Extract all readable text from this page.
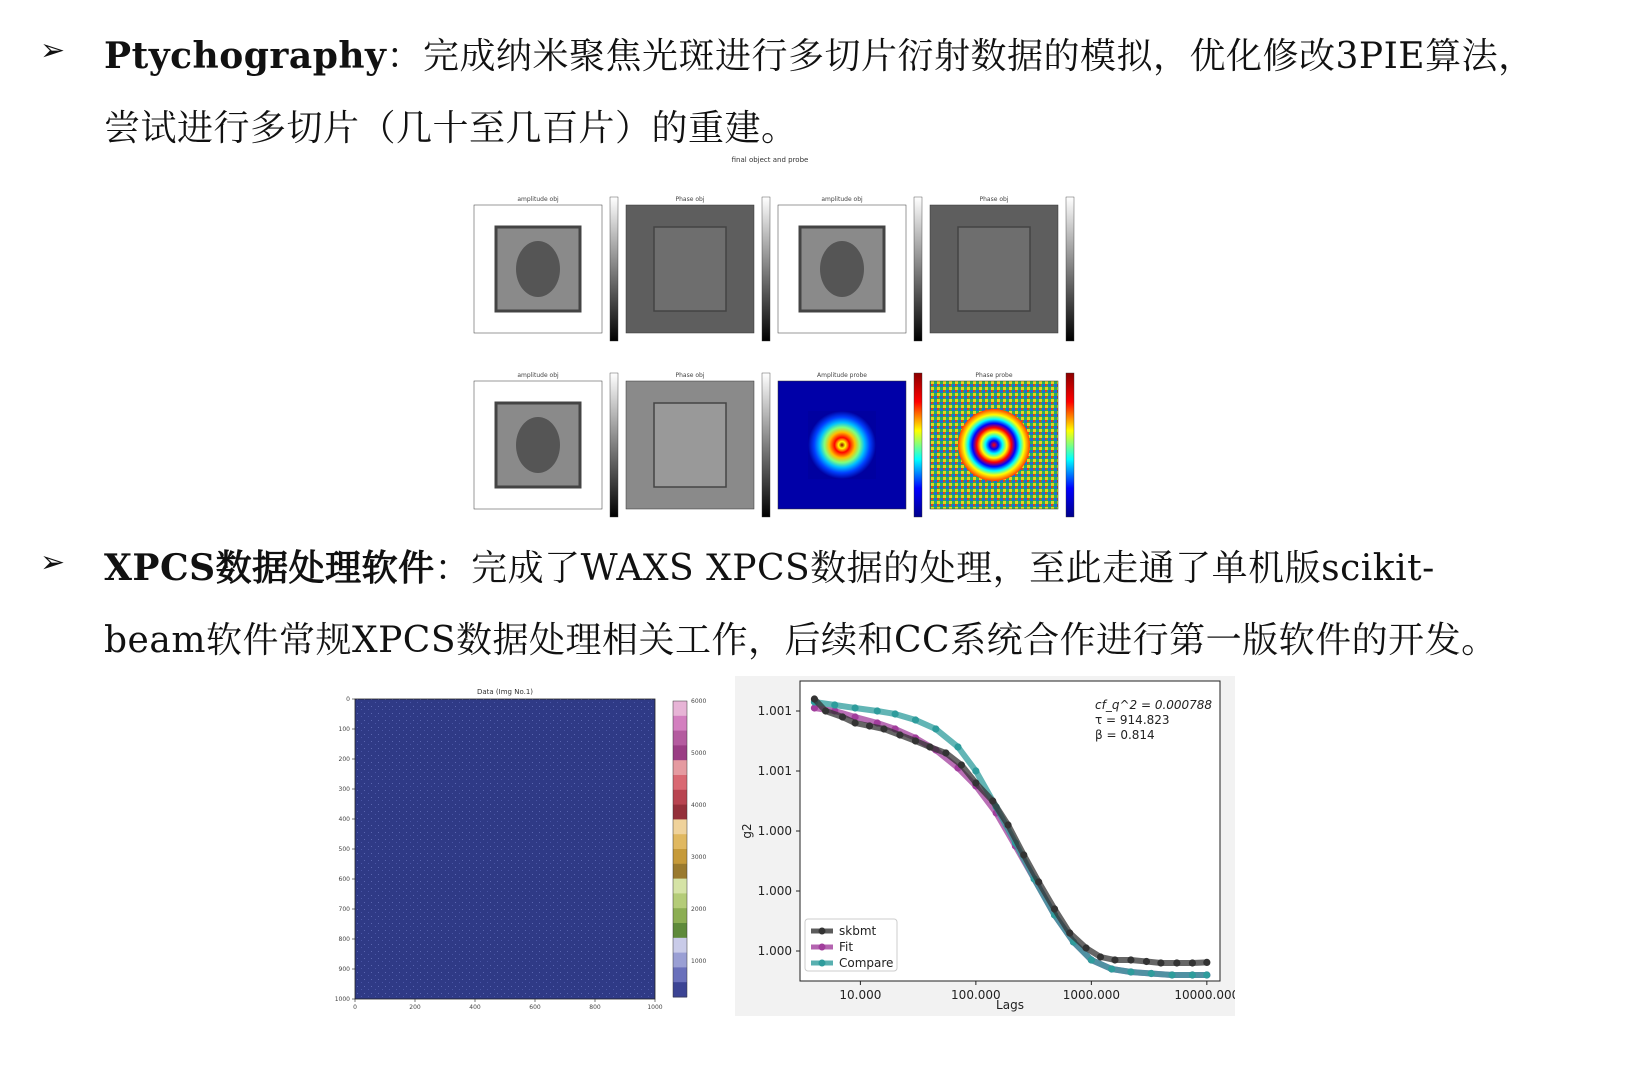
➢ Ptychography：完成纳米聚焦光斑进行多切片衍射数据的模拟，优化修改3PIE算法，
尝试进行多切片（几十至几百片）的重建。
final object and probe
amplitude obj	Phase obj	amplitude obj	Phase obj
amplitude obj	Phase obj	Amplitude probe	Phase probe
➢ XPCS数据处理软件：完成了WAXS XPCS数据的处理，至此走通了单机版scikit-
beam软件常规XPCS数据处理相关工作，后续和CC系统合作进行第一版软件的开发。
Data (Img No.1)
0
100
200
300
400
500
600
700
800
900
1000
0	200	400	600	800	1000
6000
5000
4000
3000
2000
1000
g2
Lags
1.001
1.001
1.000
1.000
1.000
10.000	100.000	1000.000	10000.000
cf_q^2 = 0.000788
τ = 914.823
β = 0.814
skbmt
Fit
Compare
